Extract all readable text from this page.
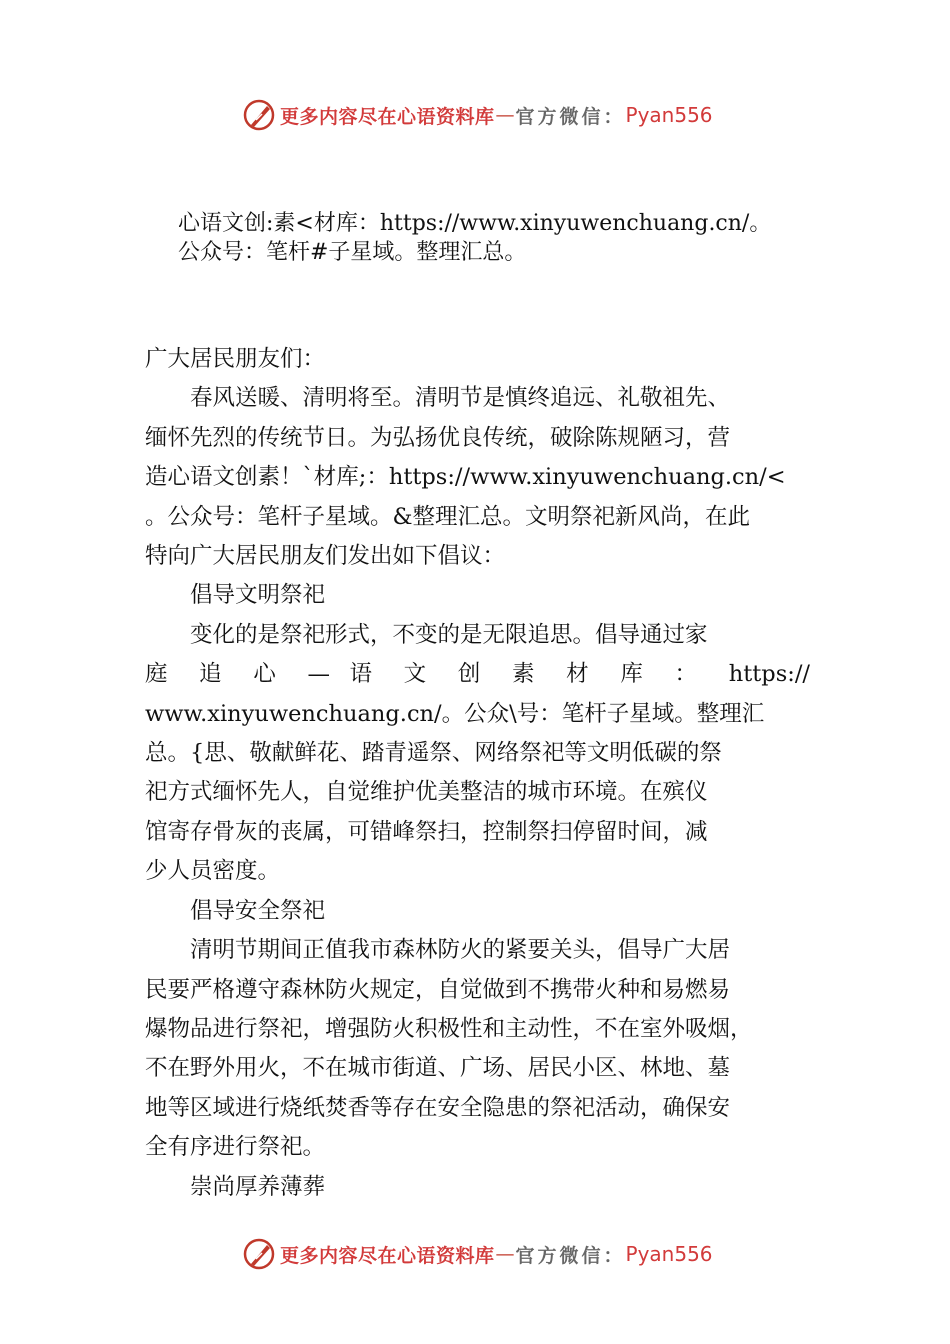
更多内容尽在心语资料库 — 官方微信： Pyan556

心语文创:素<材库：https://www.xinyuwenchuang.cn/。

公众号：笔杆#子星域。整理汇总。

广大居民朋友们：

春风送暖、清明将至。清明节是慎终追远、礼敬祖先、

缅怀先烈的传统节日。为弘扬优良传统，破除陈规陋习，营

造心语文创素！`材库;：https://www.xinyuwenchuang.cn/<

。公众号：笔杆子星域。&整理汇总。文明祭祀新风尚，在此

特向广大居民朋友们发出如下倡议：

倡导文明祭祀

变化的是祭祀形式，不变的是无限追思。倡导通过家

庭 追 心 — 语 文 创 素 材 库 ： https://

www.xinyuwenchuang.cn/。公众\号：笔杆子星域。整理汇

总。{思、敬献鲜花、踏青遥祭、网络祭祀等文明低碳的祭

祀方式缅怀先人，自觉维护优美整洁的城市环境。在殡仪

馆寄存骨灰的丧属，可错峰祭扫，控制祭扫停留时间，减

少人员密度。

倡导安全祭祀

清明节期间正值我市森林防火的紧要关头，倡导广大居

民要严格遵守森林防火规定，自觉做到不携带火种和易燃易

爆物品进行祭祀，增强防火积极性和主动性，不在室外吸烟，

不在野外用火，不在城市街道、广场、居民小区、林地、墓

地等区域进行烧纸焚香等存在安全隐患的祭祀活动，确保安

全有序进行祭祀。

崇尚厚养薄葬

更多内容尽在心语资料库 — 官方微信： Pyan556
